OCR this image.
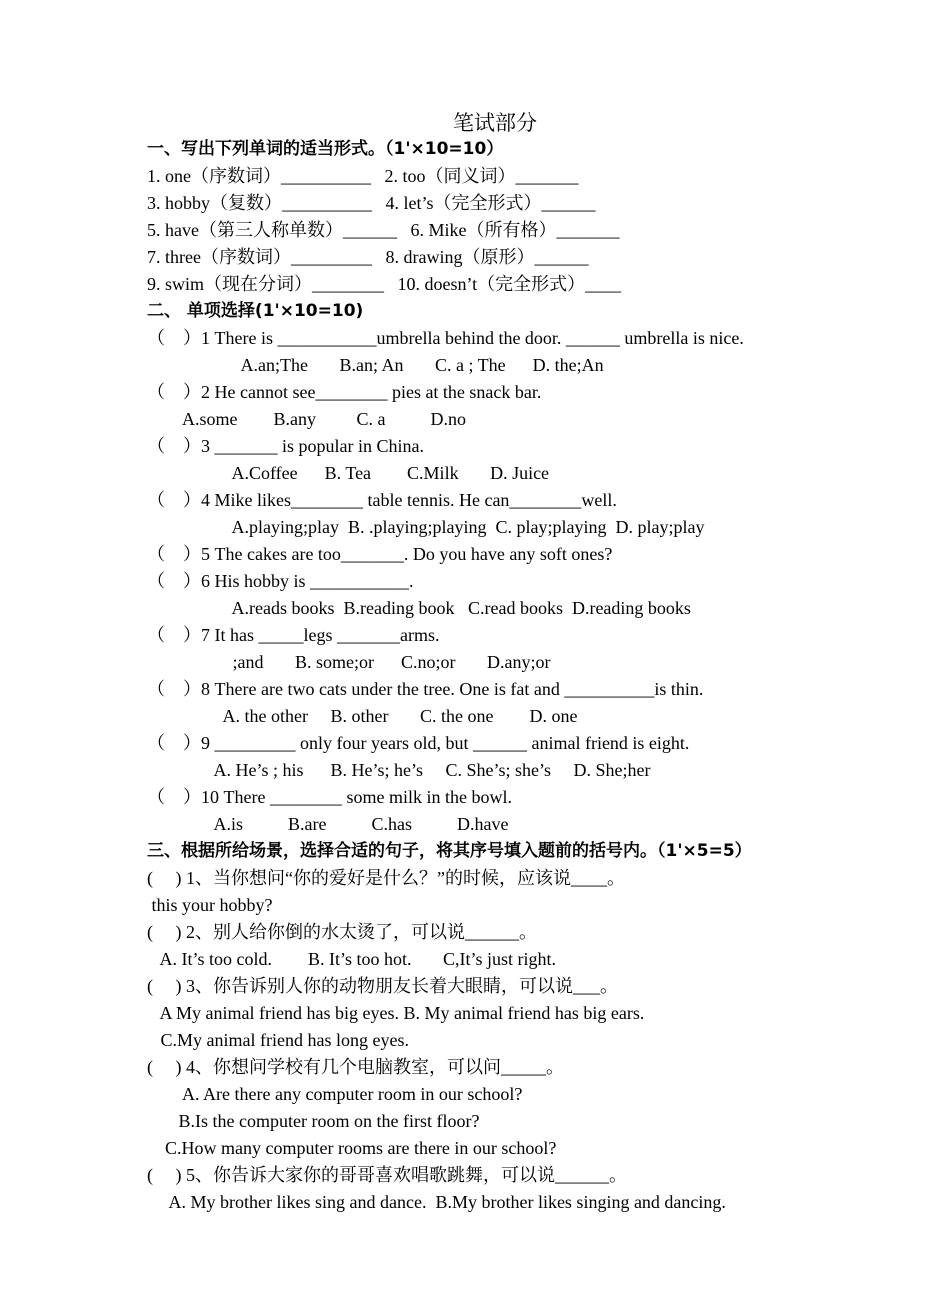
笔试部分
一、写出下列单词的适当形式。（1'×10=10）
1. one（序数词）__________   2. too（同义词）_______
3. hobby（复数）__________   4. let’s（完全形式）______
5. have（第三人称单数）______   6. Mike（所有格）_______
7. three（序数词）_________   8. drawing（原形）______
9. swim（现在分词）________   10. doesn’t（完全形式）____
二、 单项选择(1'×10=10)
（    ）1 There is ___________umbrella behind the door. ______ umbrella is nice.
A.an;The       B.an; An       C. a ; The      D. the;An
（    ）2 He cannot see________ pies at the snack bar.
A.some        B.any         C. a          D.no
（    ）3 _______ is popular in China.
A.Coffee      B. Tea        C.Milk       D. Juice
（    ）4 Mike likes________ table tennis. He can________well.
A.playing;play  B. .playing;playing  C. play;playing  D. play;play
（    ）5 The cakes are too_______. Do you have any soft ones?
（    ）6 His hobby is ___________.
A.reads books  B.reading book   C.read books  D.reading books
（    ）7 It has _____legs _______arms.
;and       B. some;or      C.no;or       D.any;or
（    ）8 There are two cats under the tree. One is fat and __________is thin.
A. the other     B. other       C. the one        D. one
（    ）9 _________ only four years old, but ______ animal friend is eight.
A. He’s ; his      B. He’s; he’s     C. She’s; she’s     D. She;her
（    ）10 There ________ some milk in the bowl.
A.is          B.are          C.has          D.have
三、根据所给场景，选择合适的句子，将其序号填入题前的括号内。（1'×5=5）
(     ) 1、当你想问“你的爱好是什么？”的时候，应该说____。
this your hobby?
(     ) 2、别人给你倒的水太烫了，可以说______。
A. It’s too cold.        B. It’s too hot.       C,It’s just right.
(     ) 3、你告诉别人你的动物朋友长着大眼睛，可以说___。
A My animal friend has big eyes. B. My animal friend has big ears.
C.My animal friend has long eyes.
(     ) 4、你想问学校有几个电脑教室，可以问_____。
A. Are there any computer room in our school?
B.Is the computer room on the first floor?
C.How many computer rooms are there in our school?
(     ) 5、你告诉大家你的哥哥喜欢唱歌跳舞，可以说______。
A. My brother likes sing and dance.  B.My brother likes singing and dancing.
